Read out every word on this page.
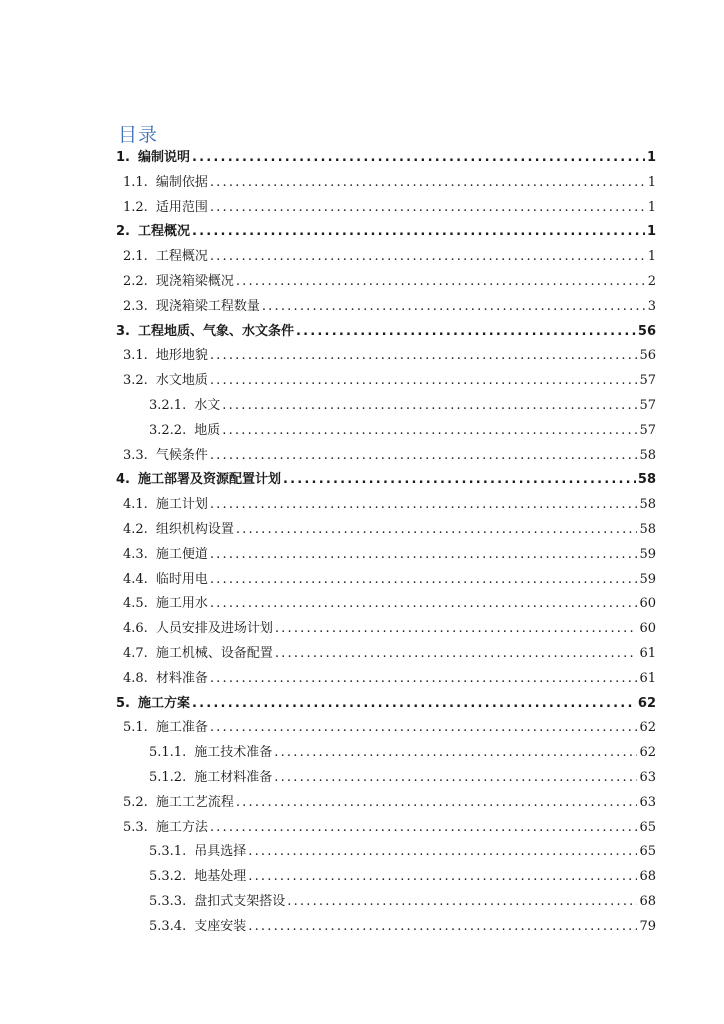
目录
1. 编制说明 .....	1
1.1. 编制依据 .....	1
1.2. 适用范围 .....	1
2. 工程概况 .....	1
2.1. 工程概况 .....	1
2.2. 现浇箱梁概况 .....	2
2.3. 现浇箱梁工程数量 .....	3
3. 工程地质、气象、水文条件 .....	56
3.1. 地形地貌 .....	56
3.2. 水文地质 .....	57
3.2.1. 水文 .....	57
3.2.2. 地质 .....	57
3.3. 气候条件 .....	58
4. 施工部署及资源配置计划 .....	58
4.1. 施工计划 .....	58
4.2. 组织机构设置 .....	58
4.3. 施工便道 .....	59
4.4. 临时用电 .....	59
4.5. 施工用水 .....	60
4.6. 人员安排及进场计划 .....	60
4.7. 施工机械、设备配置 .....	61
4.8. 材料准备 .....	61
5. 施工方案 .....	62
5.1. 施工准备 .....	62
5.1.1. 施工技术准备 .....	62
5.1.2. 施工材料准备 .....	63
5.2. 施工工艺流程 .....	63
5.3. 施工方法 .....	65
5.3.1. 吊具选择 .....	65
5.3.2. 地基处理 .....	68
5.3.3. 盘扣式支架搭设 .....	68
5.3.4. 支座安装 .....	79
